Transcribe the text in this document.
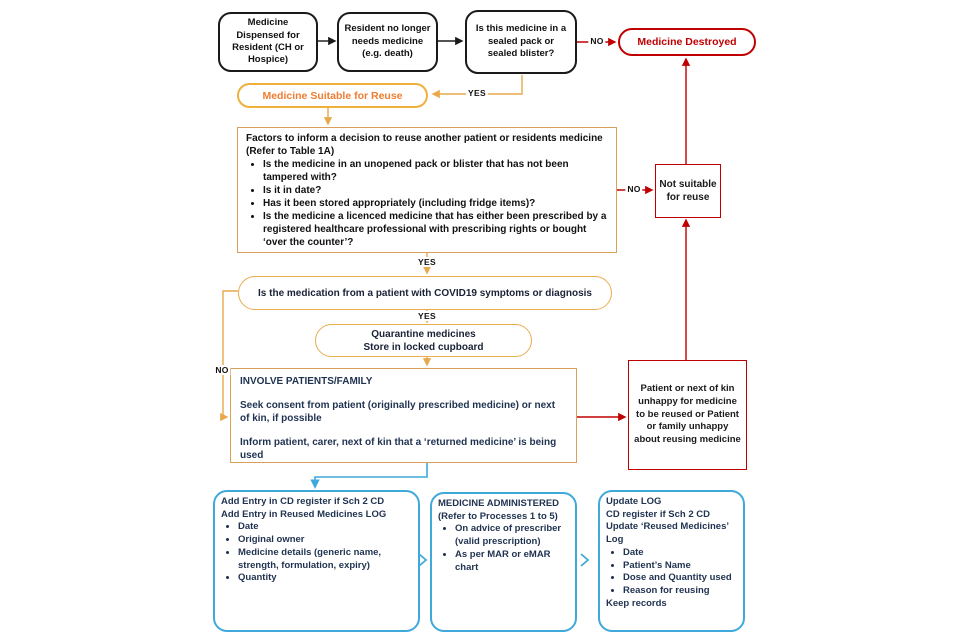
Medicine Dispensed for Resident (CH or Hospice)
Resident no longer needs medicine (e.g. death)
Is this medicine in a sealed pack or sealed blister?
Medicine Destroyed
Medicine Suitable for Reuse
Factors to inform a decision to reuse another patient or residents medicine (Refer to Table 1A)
• Is the medicine in an unopened pack or blister that has not been tampered with?
• Is it in date?
• Has it been stored appropriately (including fridge items)?
• Is the medicine a licenced medicine that has either been prescribed by a registered healthcare professional with prescribing rights or bought ‘over the counter’?
Not suitable for reuse
Is the medication from a patient with COVID19 symptoms or diagnosis
Quarantine medicines
Store in locked cupboard
INVOLVE PATIENTS/FAMILY
Seek consent from patient (originally prescribed medicine) or next of kin, if possible
Inform patient, carer, next of kin that a ‘returned medicine’ is being used
Patient or next of kin unhappy for medicine to be reused or Patient or family unhappy about reusing medicine
Add Entry in CD register if Sch 2 CD
Add Entry in Reused Medicines LOG
• Date
• Original owner
• Medicine details (generic name, strength, formulation, expiry)
• Quantity
MEDICINE ADMINISTERED
(Refer to Processes 1 to 5)
• On advice of prescriber (valid prescription)
• As per MAR or eMAR chart
Update LOG
CD register if Sch 2 CD
Update ‘Reused Medicines’ Log
• Date
• Patient’s Name
• Dose and Quantity used
• Reason for reusing
Keep records
NO
YES
NO
YES
YES
NO
